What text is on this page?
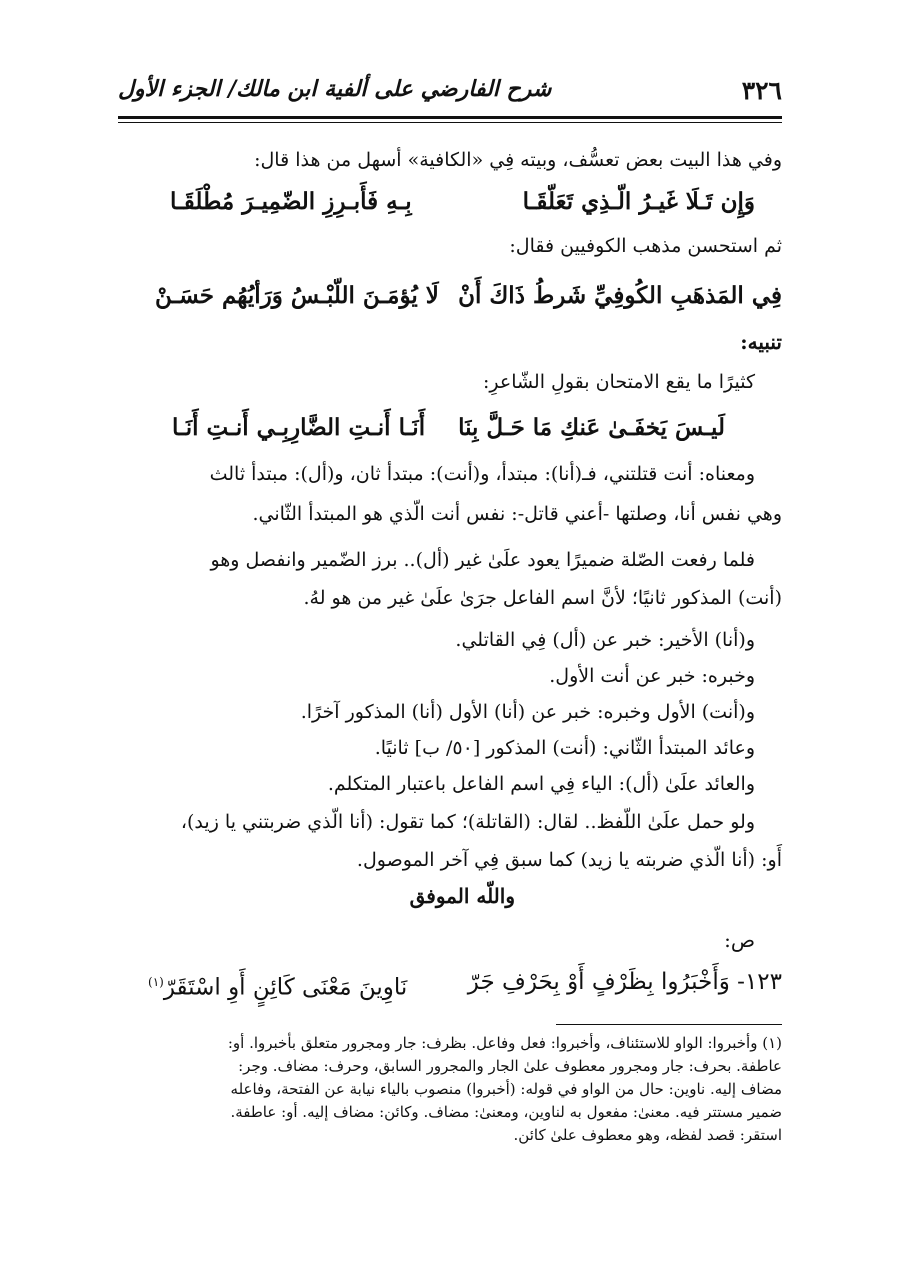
٣٢٦
شرح الفارضي على ألفية ابن مالك/ الجزء الأول
وفي هذا البيت بعض تعسُّف، وبيته فِي «الكافية» أسهل من هذا قال:
وَإِن تَـلَا غَيـرُ الّـذِي تَعَلّقَـا
بِـهِ فَأَبـرِزِ الضّمِيـرَ مُطْلَقَـا
ثم استحسن مذهب الكوفيين فقال:
فِي المَذهَبِ الكُوفِيِّ شَرطُ ذَاكَ أَنْ
لَا يُؤمَـنَ اللّبْـسُ وَرَأيُهُم حَسَـنْ
تنبيه:
كثيرًا ما يقع الامتحان بقولِ الشّاعرِ:
لَيـسَ يَخفَـىٰ عَنكِ مَا حَـلَّ بِنَا
أَنَـا أَنـتِ الضَّارِبِـي أَنـتِ أَنَـا
ومعناه: أنت قتلتني، فـ(أنا): مبتدأ، و(أنت): مبتدأ ثان، و(أل): مبتدأ ثالث
وهي نفس أنا، وصلتها -أعني قاتل-: نفس أنت الّذي هو المبتدأ الثّاني.
فلما رفعت الصّلة ضميرًا يعود علَىٰ غير (أل).. برز الضّمير وانفصل وهو
(أنت) المذكور ثانيًا؛ لأنَّ اسم الفاعل جرَىٰ علَىٰ غير من هو لهُ.
و(أنا) الأخير: خبر عن (أل) فِي القاتلي.
وخبره: خبر عن أنت الأول.
و(أنت) الأول وخبره: خبر عن (أنا) الأول (أنا) المذكور آخرًا.
وعائد المبتدأ الثّاني: (أنت) المذكور [٥٠/ ب] ثانيًا.
والعائد علَىٰ (أل): الياء فِي اسم الفاعل باعتبار المتكلم.
ولو حمل علَىٰ اللّفظ.. لقال: (القاتلة)؛ كما تقول: (أنا الّذي ضربتني يا زيد)،
أَو: (أنا الّذي ضربته يا زيد) كما سبق فِي آخر الموصول.
واللّه الموفق
ص:
١٢٣- وَأَخْبَرُوا بِظَرْفٍ أَوْ بِحَرْفِ جَرّ
نَاوِينَ مَعْنَى كَائِنٍ أَوِ اسْتَقَرّ$^{(١)}$

(١) وأخبروا: الواو للاستئناف، وأخبروا: فعل وفاعل. بظرف: جار ومجرور متعلق بأخبروا. أو:

عاطفة. بحرف: جار ومجرور معطوف علىٰ الجار والمجرور السابق، وحرف: مضاف. وجر:

مضاف إليه. ناوين: حال من الواو في قوله: (أخبروا) منصوب بالياء نيابة عن الفتحة، وفاعله

ضمير مستتر فيه. معنىٰ: مفعول به لناوين، ومعنىٰ: مضاف. وكائن: مضاف إليه. أو: عاطفة.

استقر: قصد لفظه، وهو معطوف علىٰ كائن.
